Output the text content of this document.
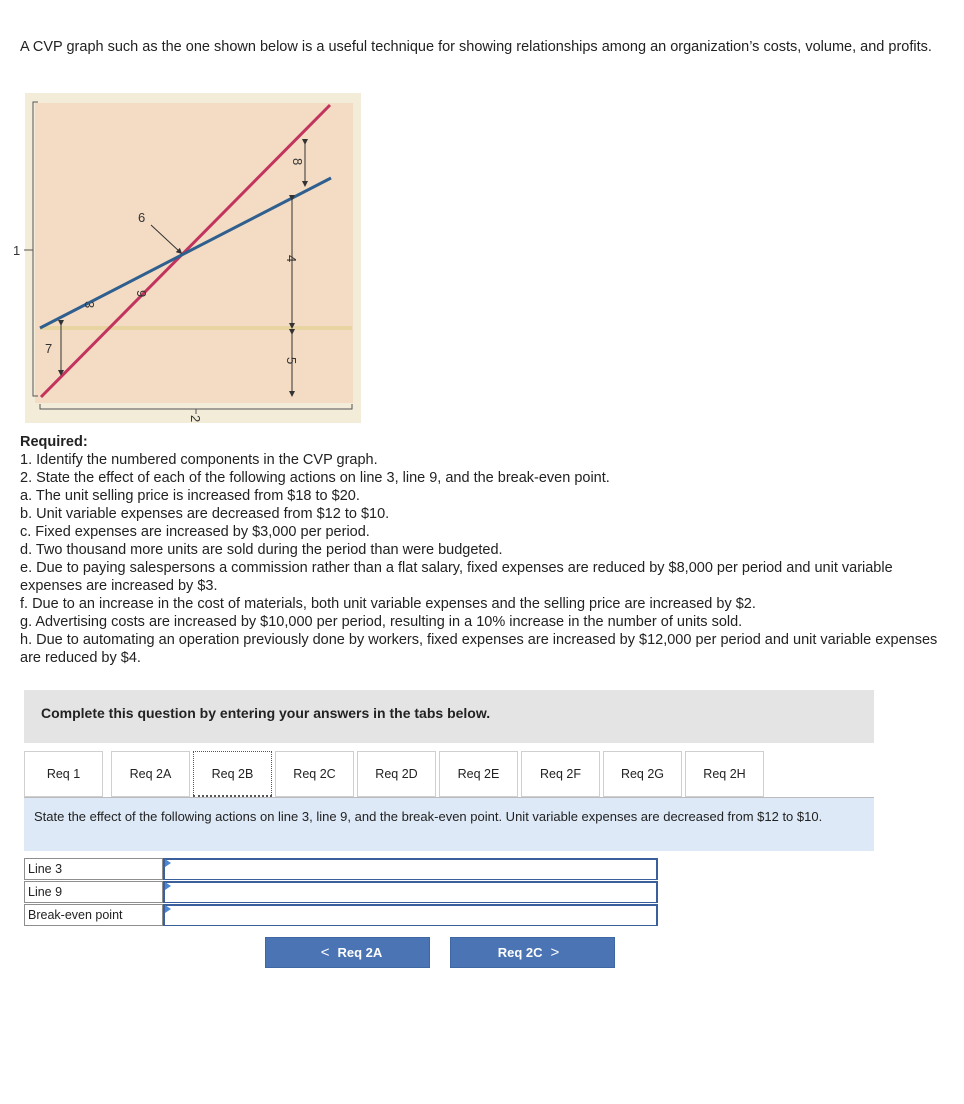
A CVP graph such as the one shown below is a useful technique for showing relationships among an organization’s costs, volume, and profits.
1
2
8
4
5
7
6
3
9

Required:

1. Identify the numbered components in the CVP graph.

2. State the effect of each of the following actions on line 3, line 9, and the break-even point.

a. The unit selling price is increased from $18 to $20.

b. Unit variable expenses are decreased from $12 to $10.

c. Fixed expenses are increased by $3,000 per period.

d. Two thousand more units are sold during the period than were budgeted.

e. Due to paying salespersons a commission rather than a flat salary, fixed expenses are reduced by $8,000 per period and unit variable expenses are increased by $3.

f. Due to an increase in the cost of materials, both unit variable expenses and the selling price are increased by $2.

g. Advertising costs are increased by $10,000 per period, resulting in a 10% increase in the number of units sold.

h. Due to automating an operation previously done by workers, fixed expenses are increased by $12,000 per period and unit variable expenses are reduced by $4.

Complete this question by entering your answers in the tabs below.
Req 1	Req 2A	Req 2B	Req 2C	Req 2D	Req 2E	Req 2F	Req 2G	Req 2H
State the effect of the following actions on line 3, line 9, and the break-even point. Unit variable expenses are decreased from $12 to $10.
Line 3
Line 9
Break-even point
< Req 2A	Req 2C >
